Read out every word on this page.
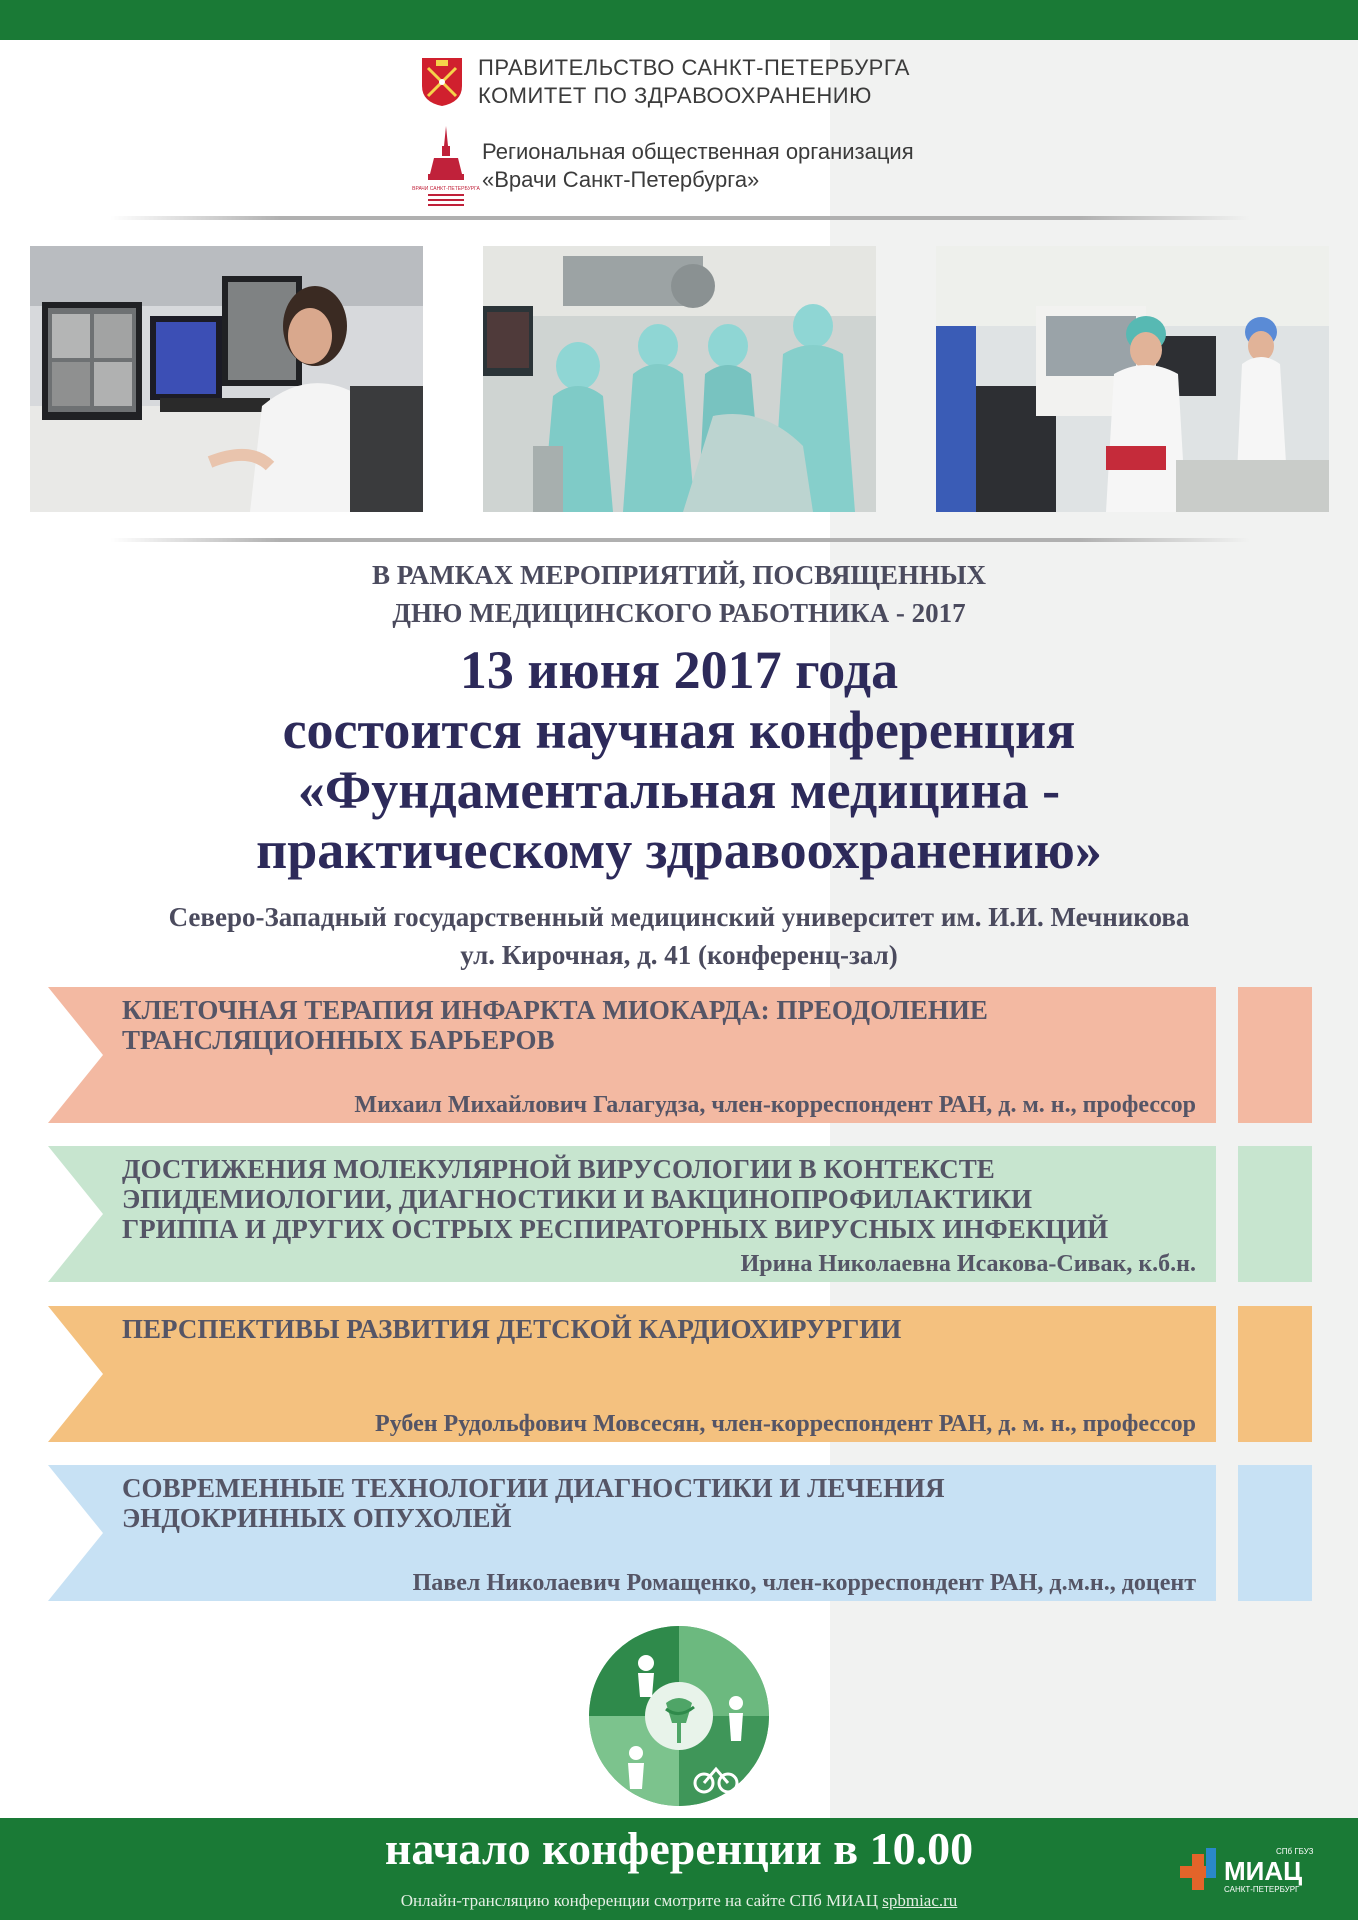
ПРАВИТЕЛЬСТВО САНКТ-ПЕТЕРБУРГА
КОМИТЕТ ПО ЗДРАВООХРАНЕНИЮ
ВРАЧИ САНКТ-ПЕТЕРБУРГА
Региональная общественная организация
«Врачи Санкт-Петербурга»
В РАМКАХ МЕРОПРИЯТИЙ, ПОСВЯЩЕННЫХ
ДНЮ МЕДИЦИНСКОГО РАБОТНИКА - 2017
13 июня 2017 года
состоится научная конференция
«Фундаментальная медицина -
практическому здравоохранению»
Северо-Западный государственный медицинский университет им. И.И. Мечникова
ул. Кирочная, д. 41 (конференц-зал)
КЛЕТОЧНАЯ ТЕРАПИЯ ИНФАРКТА МИОКАРДА: ПРЕОДОЛЕНИЕ
ТРАНСЛЯЦИОННЫХ БАРЬЕРОВ
Михаил Михайлович Галагудза, член-корреспондент РАН, д. м. н., профессор
ДОСТИЖЕНИЯ МОЛЕКУЛЯРНОЙ ВИРУСОЛОГИИ В КОНТЕКСТЕ
ЭПИДЕМИОЛОГИИ, ДИАГНОСТИКИ И ВАКЦИНОПРОФИЛАКТИКИ
ГРИППА И ДРУГИХ ОСТРЫХ РЕСПИРАТОРНЫХ ВИРУСНЫХ ИНФЕКЦИЙ
Ирина Николаевна Исакова-Сивак, к.б.н.
ПЕРСПЕКТИВЫ РАЗВИТИЯ ДЕТСКОЙ КАРДИОХИРУРГИИ
Рубен Рудольфович Мовсесян, член-корреспондент РАН, д. м. н., профессор
СОВРЕМЕННЫЕ ТЕХНОЛОГИИ ДИАГНОСТИКИ И ЛЕЧЕНИЯ
ЭНДОКРИННЫХ ОПУХОЛЕЙ
Павел Николаевич Ромащенко, член-корреспондент РАН, д.м.н., доцент
начало конференции в 10.00
Онлайн-трансляцию конференции смотрите на сайте СПб МИАЦ spbmiac.ru
СПб ГБУЗ
МИАЦ
САНКТ-ПЕТЕРБУРГ
